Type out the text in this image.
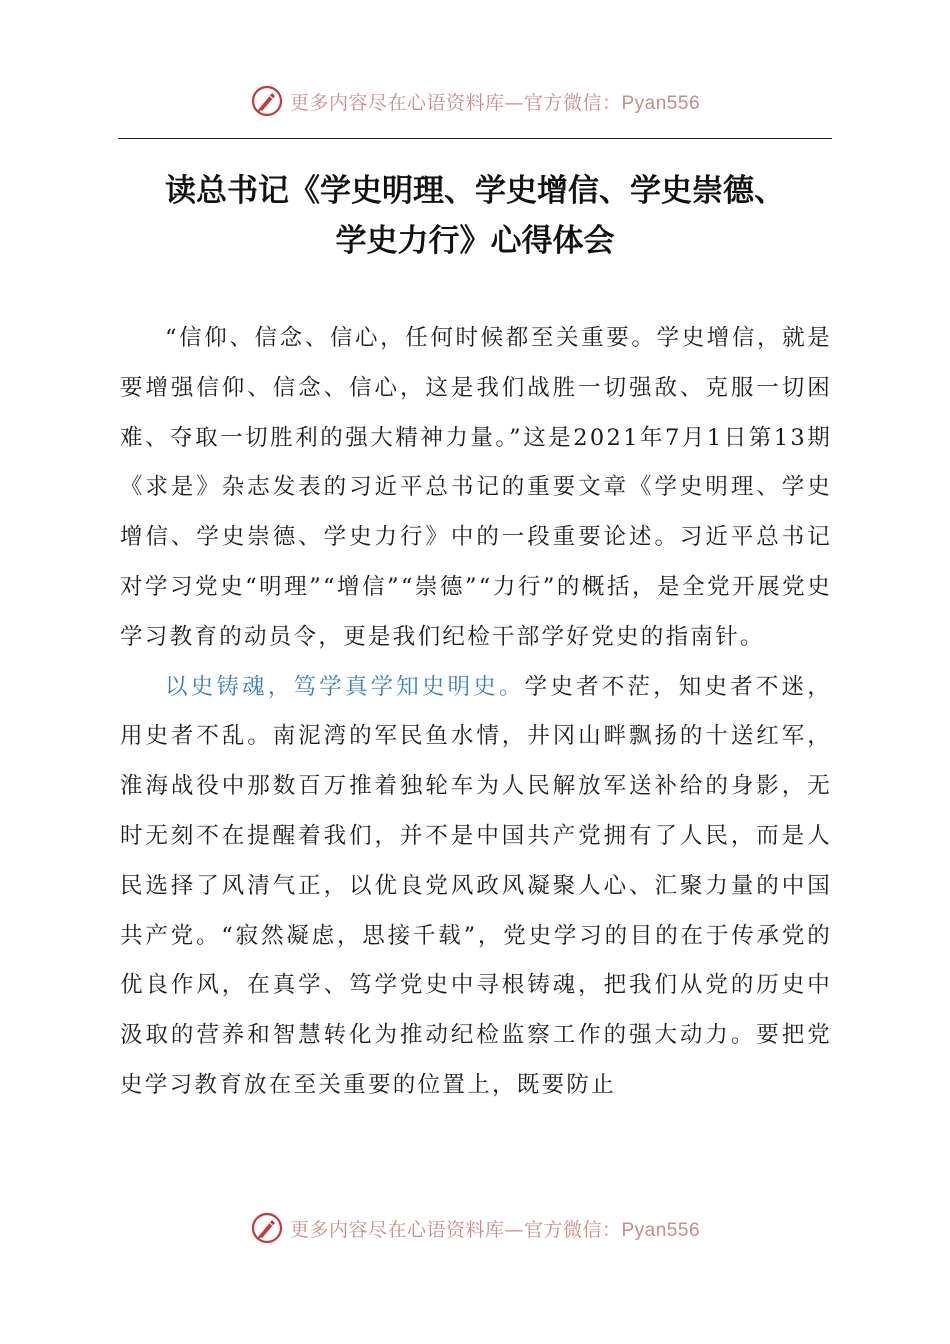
更多内容尽在心语资料库—官方微信：Pyan556
读总书记《学史明理、学史增信、学史崇德、
学史力行》心得体会

“信仰、信念、信心，任何时候都至关重要。学史增信，就是要增强信仰、信念、信心，这是我们战胜一切强敌、克服一切困难、夺取一切胜利的强大精神力量。”这是2021年7月1日第13期《求是》杂志发表的习近平总书记的重要文章《学史明理、学史增信、学史崇德、学史力行》中的一段重要论述。习近平总书记对学习党史“明理”“增信”“崇德”“力行”的概括，是全党开展党史学习教育的动员令，更是我们纪检干部学好党史的指南针。

以史铸魂，笃学真学知史明史。学史者不茫，知史者不迷，用史者不乱。南泥湾的军民鱼水情，井冈山畔飘扬的十送红军，淮海战役中那数百万推着独轮车为人民解放军送补给的身影，无时无刻不在提醒着我们，并不是中国共产党拥有了人民，而是人民选择了风清气正，以优良党风政风凝聚人心、汇聚力量的中国共产党。“寂然凝虑，思接千载”，党史学习的目的在于传承党的优良作风，在真学、笃学党史中寻根铸魂，把我们从党的历史中汲取的营养和智慧转化为推动纪检监察工作的强大动力。要把党史学习教育放在至关重要的位置上，既要防止

更多内容尽在心语资料库—官方微信：Pyan556
